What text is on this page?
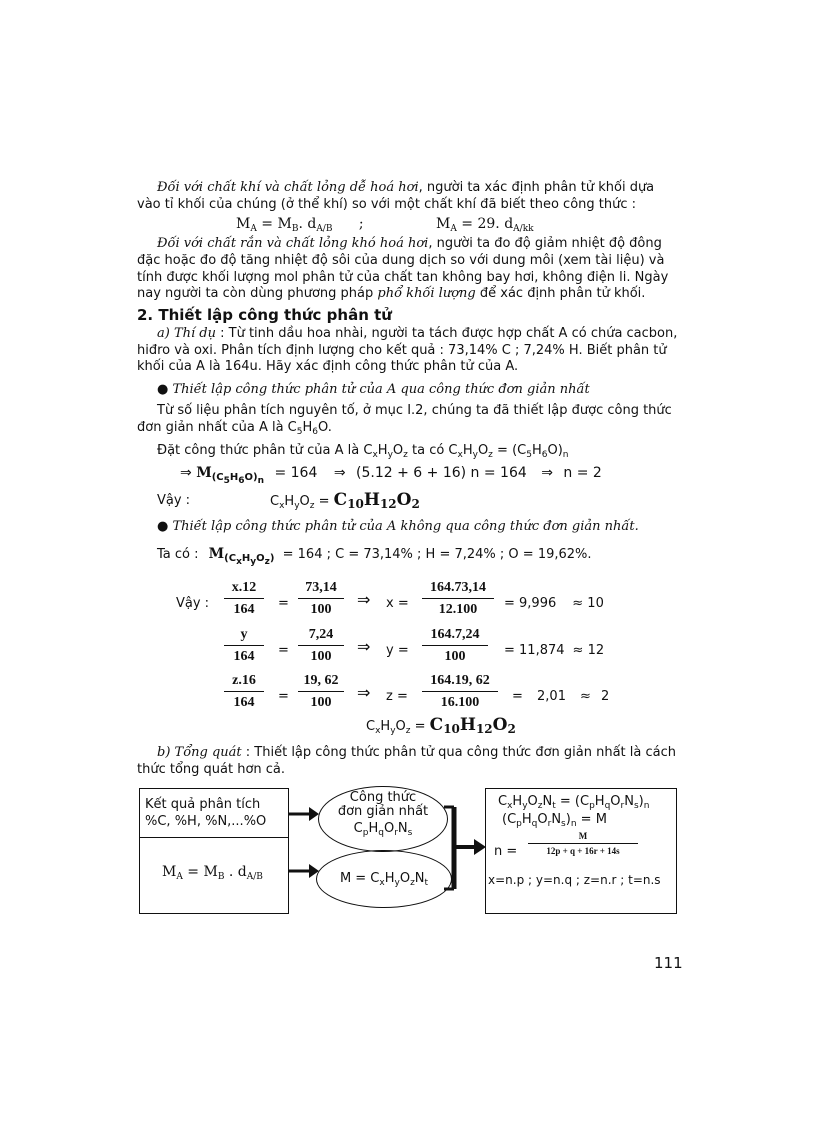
Đối với chất khí và chất lỏng dễ hoá hơi, người ta xác định phân tử khối dựa
vào tỉ khối của chúng (ở thể khí) so với một chất khí đã biết theo công thức :
$M_A = M_B$. $d_{A/B}$ ;	$M_A = 29$. $d_{A/kk}$
Đối với chất rắn và chất lỏng khó hoá hơi, người ta đo độ giảm nhiệt độ đông
đặc hoặc đo độ tăng nhiệt độ sôi của dung dịch so với dung môi (xem tài liệu) và
tính được khối lượng mol phân tử của chất tan không bay hơi, không điện li. Ngày
nay người ta còn dùng phương pháp phổ khối lượng để xác định phân tử khối.
2. Thiết lập công thức phân tử
a) Thí dụ : Từ tinh dầu hoa nhài, người ta tách được hợp chất A có chứa cacbon,
hiđro và oxi. Phân tích định lượng cho kết quả : 73,14% C ; 7,24% H. Biết phân tử
khối của A là 164u. Hãy xác định công thức phân tử của A.
● Thiết lập công thức phân tử của A qua công thức đơn giản nhất
Từ số liệu phân tích nguyên tố, ở mục I.2, chúng ta đã thiết lập được công thức
đơn giản nhất của A là $C_5H_6O$.
Đặt công thức phân tử của A là $C_xH_yO_z$ ta có $C_xH_yO_z = (C_5H_6O)_n$
⇒ $M_{(C_5H_6O)_n} = 164$ ⇒ (5.12 + 6 + 16) n = 164 ⇒ n = 2
Vậy :	$C_xH_yO_z = C_{10}H_{12}O_2$
● Thiết lập công thức phân tử của A không qua công thức đơn giản nhất.
Ta có : $M_{(C_xH_yO_z)} = 164$ ; C = 73,14% ; H = 7,24% ; O = 19,62%.
Vậy : $\frac{x.12}{164} = \frac{73,14}{100}$ ⇒ $x = \frac{164.73,14}{12.100} = 9,996 \approx 10$
$\frac{y}{164} = \frac{7,24}{100}$ ⇒ $y = \frac{164.7,24}{100} = 11,874 \approx 12$
$\frac{z.16}{164} = \frac{19, 62}{100}$ ⇒ $z = \frac{164.19, 62}{16.100} = 2,01 \approx 2$
$C_xH_yO_z = C_{10}H_{12}O_2$
b) Tổng quát : Thiết lập công thức phân tử qua công thức đơn giản nhất là cách
thức tổng quát hơn cả.
Kết quả phân tích
%C, %H, %N,...%O
$M_A = M_B$ . $d_{A/B}$
Công thức
đơn giản nhất
$C_pH_qO_rN_s$
$M = C_xH_yO_zN_t$
$C_xH_yO_zN_t = (C_pH_qO_rN_s)_n$
$(C_pH_qO_rN_s)_n = M$
$n = \frac{M}{12p + q + 16r + 14s}$
x=n.p ; y=n.q ; z=n.r ; t=n.s
111
